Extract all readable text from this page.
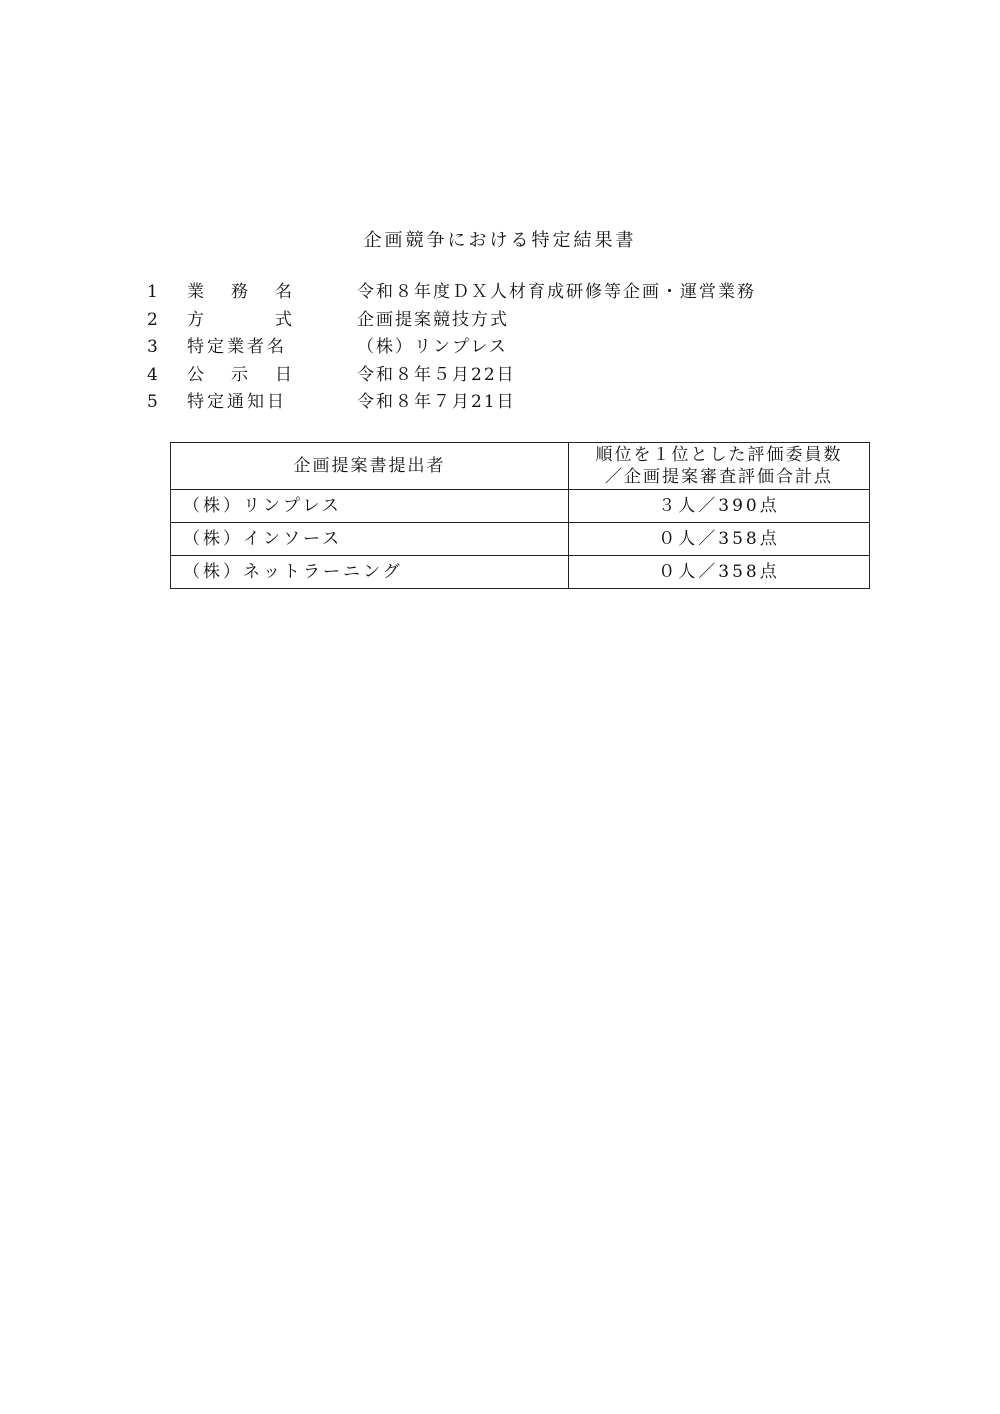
企画競争における特定結果書
1 業 務 名	令和８年度ＤＸ人材育成研修等企画・運営業務
2 方	式	企画提案競技方式
3 特定業者名	（株）リンプレス
4 公 示 日	令和８年５月22日
5 特定通知日	令和８年７月21日
企画提案書提出者	順位を１位とした評価委員数
／企画提案審査評価合計点

（株）リンプレス	３人／390点
（株）インソース	０人／358点
（株）ネットラーニング	０人／358点
